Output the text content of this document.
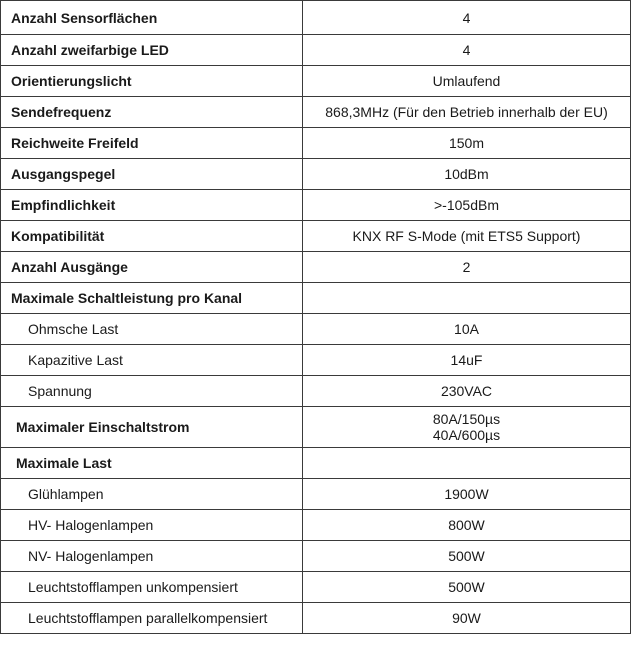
Anzahl Sensorflächen	4
Anzahl zweifarbige LED	4
Orientierungslicht	Umlaufend
Sendefrequenz	868,3MHz (Für den Betrieb innerhalb der EU)
Reichweite Freifeld	150m
Ausgangspegel	10dBm
Empfindlichkeit	>-105dBm
Kompatibilität	KNX RF S-Mode (mit ETS5 Support)
Anzahl Ausgänge	2
Maximale Schaltleistung pro Kanal	
Ohmsche Last	10A
Kapazitive Last	14uF
Spannung	230VAC
Maximaler Einschaltstrom	80A/150µs
40A/600µs

Maximale Last	
Glühlampen	1900W
HV- Halogenlampen	800W
NV- Halogenlampen	500W
Leuchtstofflampen unkompensiert	500W
Leuchtstofflampen parallelkompensiert	90W
